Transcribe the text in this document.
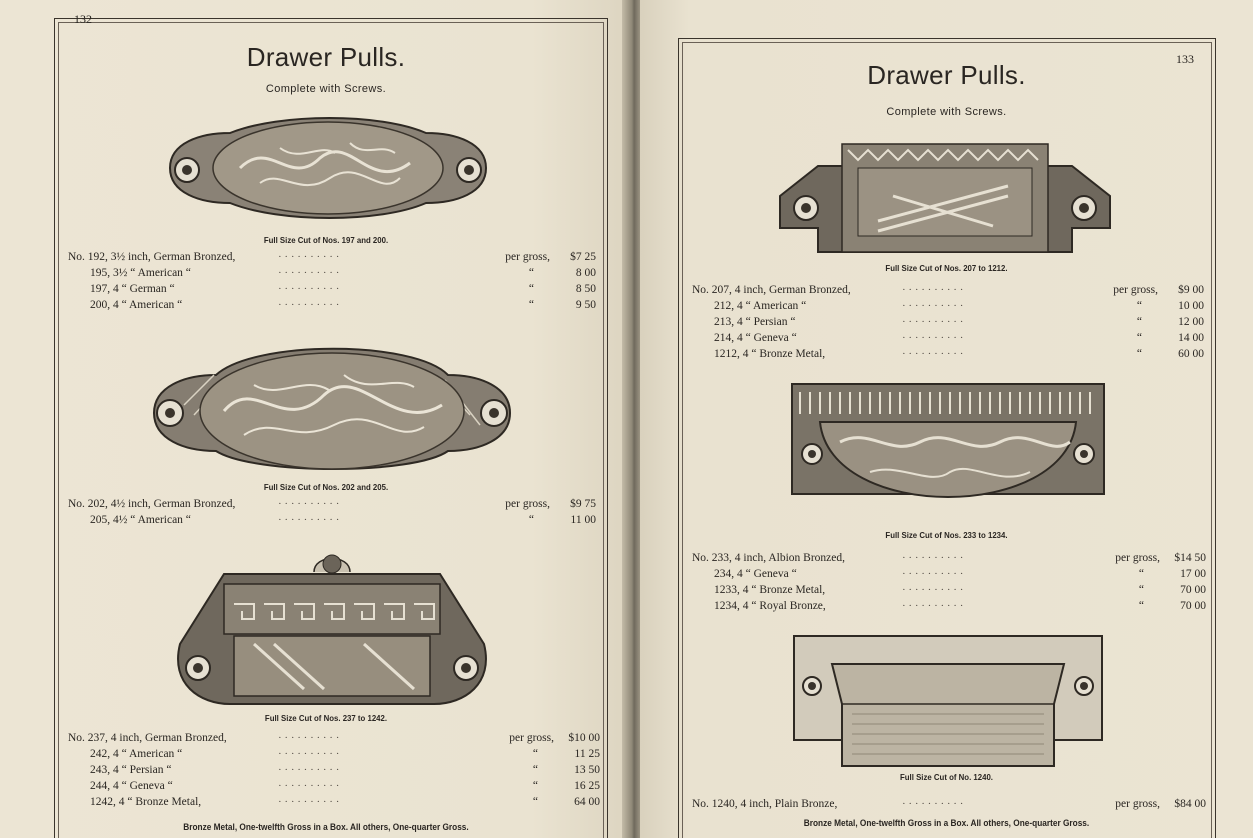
132
Drawer Pulls.
Complete with Screws.
Full Size Cut of Nos. 197 and 200.
No. 192, 3½ inch, German Bronzed,	· · · · · · · · · ·	per gross, $7 25
195, 3½ “ American “	· · · · · · · · · ·	“	8 00
197, 4 “ German “	· · · · · · · · · ·	“	8 50
200, 4 “ American “	· · · · · · · · · ·	“	9 50
Full Size Cut of Nos. 202 and 205.
No. 202, 4½ inch, German Bronzed,	· · · · · · · · · ·	per gross, $9 75
205, 4½ “ American “	· · · · · · · · · ·	“	11 00
Full Size Cut of Nos. 237 to 1242.
No. 237, 4 inch, German Bronzed,	· · · · · · · · · ·	per gross, $10 00
242, 4 “ American “	· · · · · · · · · ·	“	11 25
243, 4 “ Persian “	· · · · · · · · · ·	“	13 50
244, 4 “ Geneva “	· · · · · · · · · ·	“	16 25
1242, 4 “ Bronze Metal,	· · · · · · · · · ·	“	64 00
Bronze Metal, One-twelfth Gross in a Box. All others, One-quarter Gross.
133
Drawer Pulls.
Complete with Screws.
Full Size Cut of Nos. 207 to 1212.
No. 207, 4 inch, German Bronzed,	· · · · · · · · · ·	per gross, $9 00
212, 4 “ American “	· · · · · · · · · ·	“	10 00
213, 4 “ Persian “	· · · · · · · · · ·	“	12 00
214, 4 “ Geneva “	· · · · · · · · · ·	“	14 00
1212, 4 “ Bronze Metal,	· · · · · · · · · ·	“	60 00
Full Size Cut of Nos. 233 to 1234.
No. 233, 4 inch, Albion Bronzed,	· · · · · · · · · ·	per gross, $14 50
234, 4 “ Geneva “	· · · · · · · · · ·	“	17 00
1233, 4 “ Bronze Metal,	· · · · · · · · · ·	“	70 00
1234, 4 “ Royal Bronze,	· · · · · · · · · ·	“	70 00
Full Size Cut of No. 1240.
No. 1240, 4 inch, Plain Bronze,	· · · · · · · · · ·	per gross, $84 00
Bronze Metal, One-twelfth Gross in a Box. All others, One-quarter Gross.
